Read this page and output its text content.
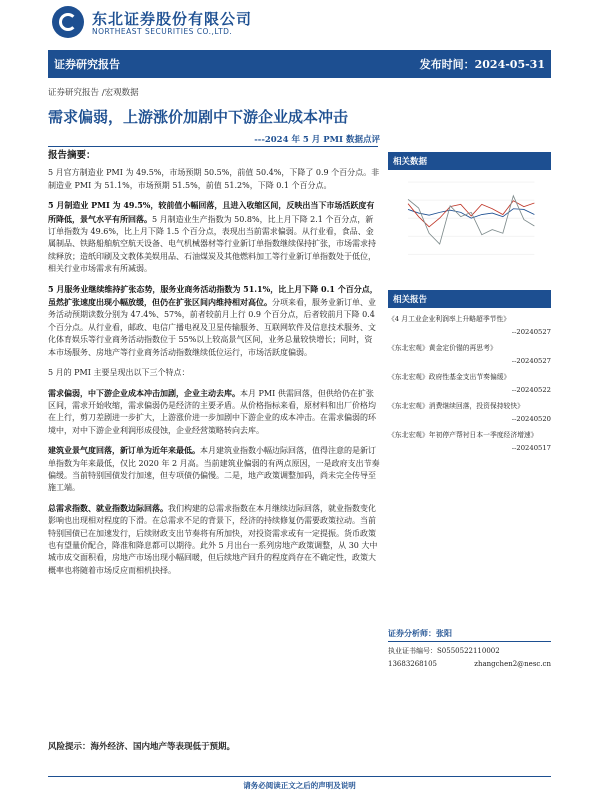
东北证券股份有限公司
NORTHEAST SECURITIES CO.,LTD.
证券研究报告	发布时间：2024-05-31
证券研究报告 /宏观数据
需求偏弱，上游涨价加剧中下游企业成本冲击
---2024 年 5 月 PMI 数据点评

报告摘要：

5 月官方制造业 PMI 为 49.5%，市场预期 50.5%，前值 50.4%，下降了 0.9 个百分点。非制造业 PMI 为 51.1%，市场预期 51.5%，前值 51.2%，下降 0.1 个百分点。

5 月制造业 PMI 为 49.5%，较前值小幅回落，且进入收缩区间，反映出当下市场活跃度有所降低，景气水平有所回落。5 月制造业生产指数为 50.8%，比上月下降 2.1 个百分点，新订单指数为 49.6%，比上月下降 1.5 个百分点，表现出当前需求偏弱。从行业看，食品、金属制品、铁路船舶航空航天设备、电气机械器材等行业新订单指数继续保持扩张，市场需求持续释放；造纸印刷及文教体美娱用品、石油煤炭及其他燃料加工等行业新订单指数处于低位，相关行业市场需求有所减弱。

5 月服务业继续维持扩张态势，服务业商务活动指数为 51.1%，比上月下降 0.1 个百分点，虽然扩张速度出现小幅放缓，但仍在扩张区间内维持相对高位。分项来看，服务业新订单、业务活动预期读数分别为 47.4%、57%，前者较前月上行 0.9 个百分点，后者较前月下降 0.4 个百分点。从行业看，邮政、电信广播电视及卫星传输服务、互联网软件及信息技术服务、文化体育娱乐等行业商务活动指数位于 55%以上较高景气区间，业务总量较快增长；同时，资本市场服务、房地产等行业商务活动指数继续低位运行，市场活跃度偏弱。

5 月的 PMI 主要呈现出以下三个特点：

需求偏弱，中下游企业成本冲击加剧，企业主动去库。本月 PMI 供需回落，但供给仍在扩张区间，需求开始收缩，需求偏弱仍是经济的主要矛盾。从价格指标来看，原材料和出厂价格均在上行，剪刀差剧进一步扩大，上游涨价进一步加剧中下游企业的成本冲击。在需求偏弱的环境中，对中下游企业利润形成侵蚀，企业经营策略转向去库。

建筑业景气度回落，新订单为近年来最低。本月建筑业指数小幅边际回落，值得注意的是新订单指数为年来最低，仅比 2020 年 2 月高。当前建筑业偏弱的有两点原因，一是政府支出节奏偏缓。当前特别国债发行加速，但专项债仍偏慢。二是，地产政策调整加码，尚未完全传导至施工端。

总需求指数、就业指数边际回落。我们构建的总需求指数在本月继续边际回落，就业指数变化影响也出现相对程度的下滑。在总需求不足的背景下，经济的持续修复仍需要政策拉动。当前特别国债已在加速发行，后续财政支出节奏将有所加快，对投资需求或有一定提振。货币政策也有望量价配合，降准和降息都可以期待。此外 5 月出台一系列房地产政策调整，从 30 大中城市成交面积看，房地产市场出现小幅回暖，但后续地产回升的程度尚存在不确定性，政策大概率也将随着市场反应而相机抉择。

风险提示：海外经济、国内地产等表现低于预期。
相关数据
相关报告
《4 月工业企业利润率上升略超季节性》
--20240527
《东北宏观》黄金定价锚的再思考》
--20240527
《东北宏观》政府性基金支出节奏偏缓》
--20240522
《东北宏观》消费继续回落，投资保持较快》
--20240520
《东北宏观》年初停产帮衬日本一季度经济增速》
--20240517
证券分析师：张阳
执业证书编号：S0550522110002
13683268105	zhangchen2@nesc.cn
请务必阅读正文之后的声明及说明
